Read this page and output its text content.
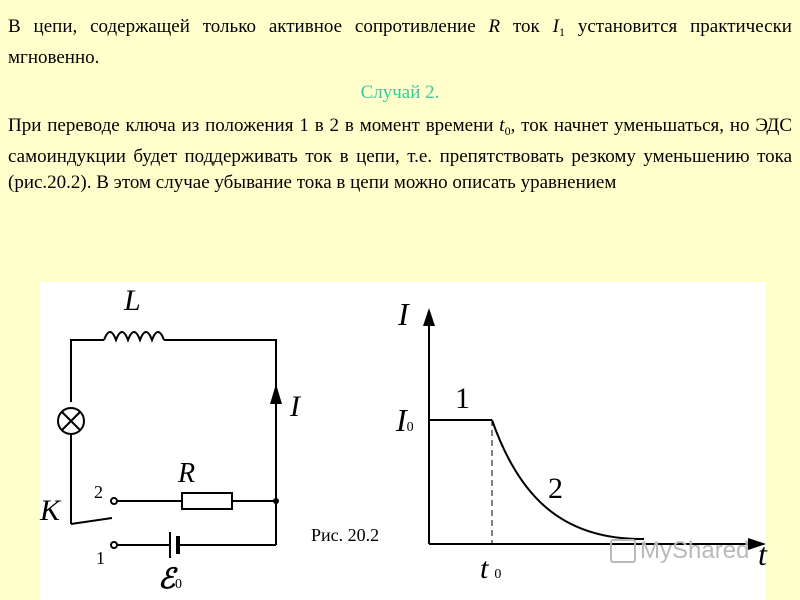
В цепи, содержащей только активное сопротивление R ток $I_1$ установится практически мгновенно.

Случай 2.

При переводе ключа из положения 1 в 2 в момент времени $t_0$, ток начнет уменьшаться, но ЭДС самоиндукции будет поддерживать ток в цепи, т.е. препятствовать резкому уменьшению тока (рис.20.2). В этом случае убывание тока в цепи можно описать уравнением

L
I
R
K
2
1
ℰ0
I
t
I0
t 0
1
2
Рис. 20.2
MyShared
